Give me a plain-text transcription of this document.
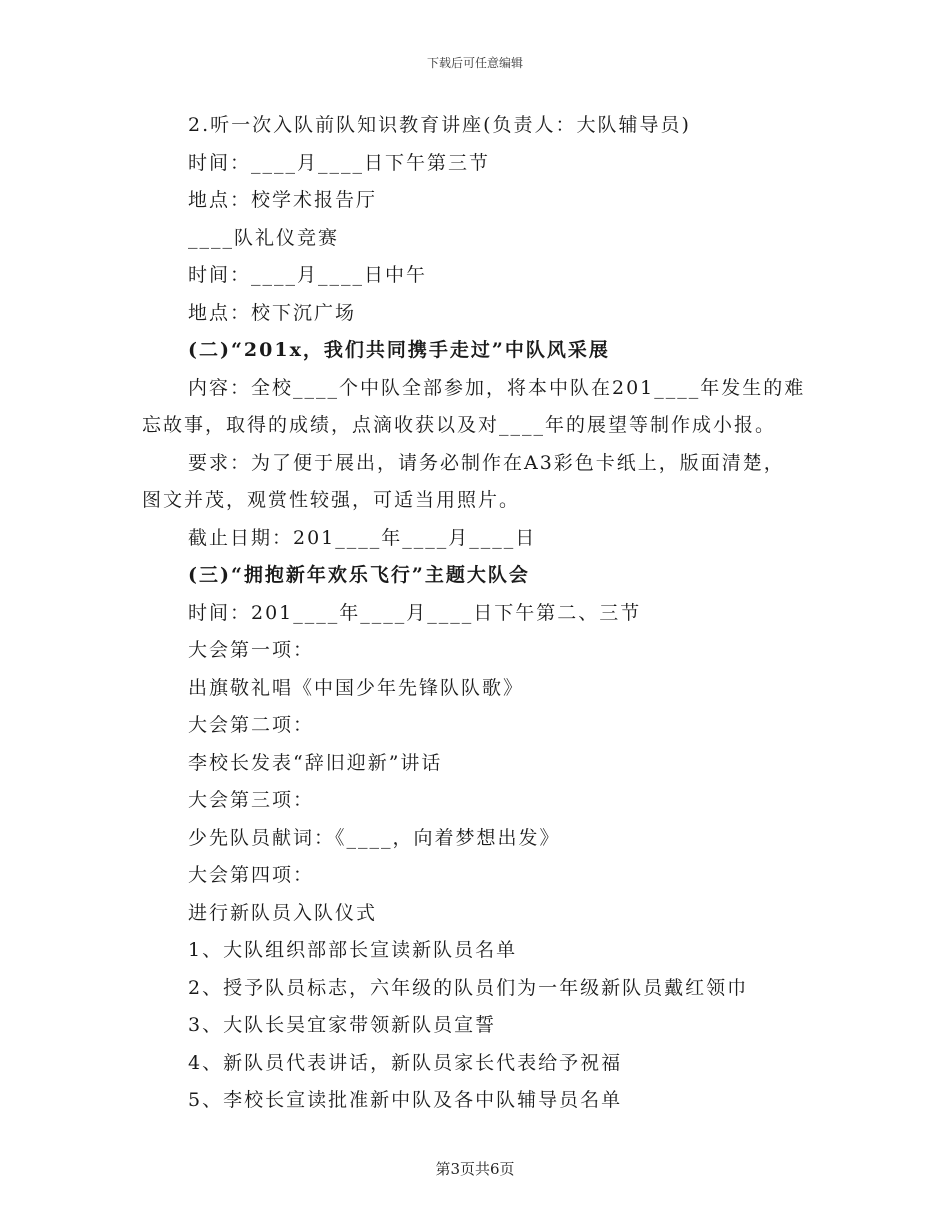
下载后可任意编辑
2.听一次入队前队知识教育讲座(负责人：大队辅导员)
时间：____月____日下午第三节
地点：校学术报告厅
____队礼仪竞赛
时间：____月____日中午
地点：校下沉广场
(二)“201x，我们共同携手走过”中队风采展
内容：全校____个中队全部参加，将本中队在201____年发生的难
忘故事，取得的成绩，点滴收获以及对____年的展望等制作成小报。
要求：为了便于展出，请务必制作在A3彩色卡纸上，版面清楚，
图文并茂，观赏性较强，可适当用照片。
截止日期：201____年____月____日
(三)“拥抱新年欢乐飞行”主题大队会
时间：201____年____月____日下午第二、三节
大会第一项：
出旗敬礼唱《中国少年先锋队队歌》
大会第二项：
李校长发表“辞旧迎新”讲话
大会第三项：
少先队员献词：《____，向着梦想出发》
大会第四项：
进行新队员入队仪式
1、大队组织部部长宣读新队员名单
2、授予队员标志，六年级的队员们为一年级新队员戴红领巾
3、大队长吴宜家带领新队员宣誓
4、新队员代表讲话，新队员家长代表给予祝福
5、李校长宣读批准新中队及各中队辅导员名单
第3页共6页
